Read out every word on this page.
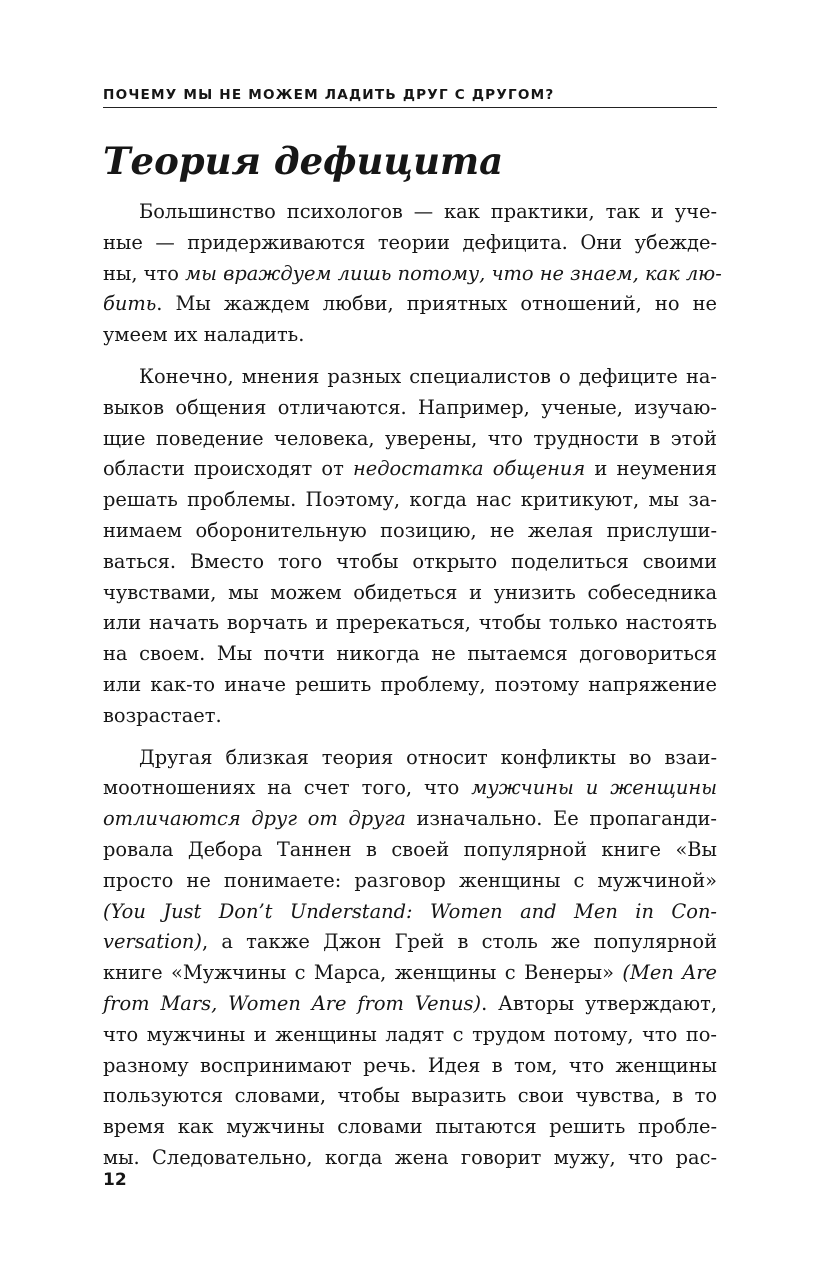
ПОЧЕМУ МЫ НЕ МОЖЕМ ЛАДИТЬ ДРУГ С ДРУГОМ?
Теория дефицита
Большинство психологов — как практики, так и уче-
ные — придерживаются теории дефицита. Они убежде-
ны, что мы враждуем лишь потому, что не знаем, как лю-
бить. Мы жаждем любви, приятных отношений, но не
умеем их наладить.
Конечно, мнения разных специалистов о дефиците на-
выков общения отличаются. Например, ученые, изучаю-
щие поведение человека, уверены, что трудности в этой
области происходят от недостатка общения и неумения
решать проблемы. Поэтому, когда нас критикуют, мы за-
нимаем оборонительную позицию, не желая прислуши-
ваться. Вместо того чтобы открыто поделиться своими
чувствами, мы можем обидеться и унизить собеседника
или начать ворчать и пререкаться, чтобы только настоять
на своем. Мы почти никогда не пытаемся договориться
или как-то иначе решить проблему, поэтому напряжение
возрастает.
Другая близкая теория относит конфликты во взаи-
моотношениях на счет того, что мужчины и женщины
отличаются друг от друга изначально. Ее пропаганди-
ровала Дебора Таннен в своей популярной книге «Вы
просто не понимаете: разговор женщины с мужчиной»
(You Just Don’t Understand: Women and Men in Con-
versation), а также Джон Грей в столь же популярной
книге «Мужчины с Марса, женщины с Венеры» (Men Are
from Mars, Women Are from Venus). Авторы утверждают,
что мужчины и женщины ладят с трудом потому, что по-
разному воспринимают речь. Идея в том, что женщины
пользуются словами, чтобы выразить свои чувства, в то
время как мужчины словами пытаются решить пробле-
мы. Следовательно, когда жена говорит мужу, что рас-
12
